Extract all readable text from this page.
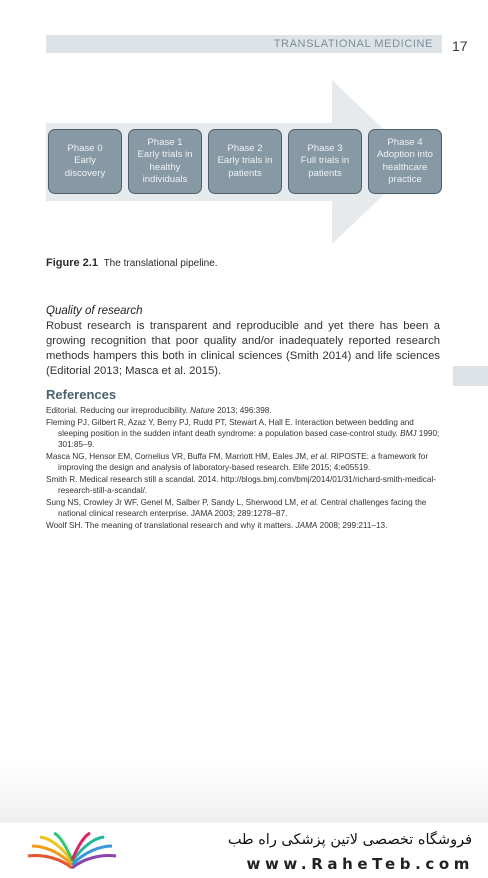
TRANSLATIONAL MEDICINE 17
Phase 0
Early
discovery
Phase 1
Early trials in
healthy
individuals
Phase 2
Early trials in
patients
Phase 3
Full trials in
patients
Phase 4
Adoption into
healthcare
practice
Figure 2.1 The translational pipeline.
Quality of research

Robust research is transparent and reproducible and yet there has been a growing recognition that poor quality and/or inadequately reported research methods hampers this both in clinical sciences (Smith 2014) and life sciences (Editorial 2013; Masca et al. 2015).

References
Editorial. Reducing our irreproducibility. Nature 2013; 496:398.
Fleming PJ, Gilbert R, Azaz Y, Berry PJ, Rudd PT, Stewart A, Hall E. Interaction between bedding and sleeping position in the sudden infant death syndrome: a population based case-control study. BMJ 1990; 301:85–9.
Masca NG, Hensor EM, Cornelius VR, Buffa FM, Marriott HM, Eales JM, et al. RIPOSTE: a framework for improving the design and analysis of laboratory-based research. Elife 2015; 4:e05519.
Smith R. Medical research still a scandal. 2014. http://blogs.bmj.com/bmj/2014/01/31/richard-smith-medical-research-still-a-scandal/.
Sung NS, Crowley Jr WF, Genel M, Salber P, Sandy L, Sherwood LM, et al. Central challenges facing the national clinical research enterprise. JAMA 2003; 289:1278–87.
Woolf SH. The meaning of translational research and why it matters. JAMA 2008; 299:211–13.
فروشگاه تخصصی لاتین پزشکی راه طب
www.RaheTeb.com
